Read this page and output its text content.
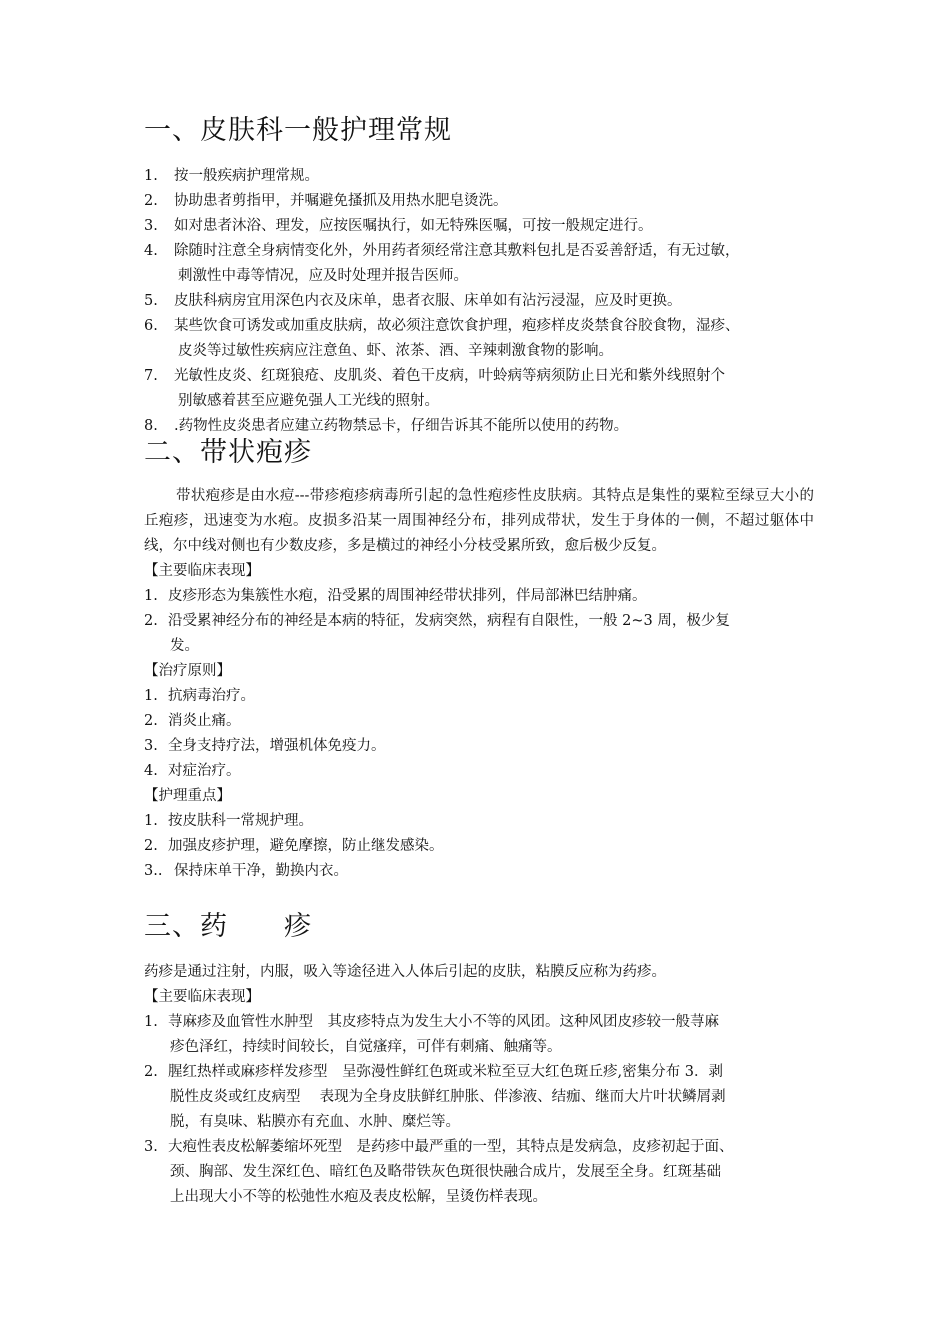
一、皮肤科一般护理常规
1.	按一般疾病护理常规。
2.	协助患者剪指甲，并嘱避免搔抓及用热水肥皂烫洗。
3.	如对患者沐浴、理发，应按医嘱执行，如无特殊医嘱，可按一般规定进行。
4.	除随时注意全身病情变化外，外用药者须经常注意其敷料包扎是否妥善舒适，有无过敏，
刺激性中毒等情况，应及时处理并报告医师。
5.	皮肤科病房宜用深色内衣及床单，患者衣服、床单如有沾污浸湿，应及时更换。
6.	某些饮食可诱发或加重皮肤病，故必须注意饮食护理，疱疹样皮炎禁食谷胶食物，湿疹、
皮炎等过敏性疾病应注意鱼、虾、浓茶、酒、辛辣刺激食物的影响。
7.	光敏性皮炎、红斑狼疮、皮肌炎、着色干皮病，叶蛉病等病须防止日光和紫外线照射个
别敏感着甚至应避免强人工光线的照射。
8.	.药物性皮炎患者应建立药物禁忌卡，仔细告诉其不能所以使用的药物。
二、带状疱疹
带状疱疹是由水痘---带疹疱疹病毒所引起的急性疱疹性皮肤病。其特点是集性的粟粒至绿豆大小的丘疱疹，迅速变为水疱。皮损多沿某一周围神经分布，排列成带状，发生于身体的一侧，不超过躯体中线，尔中线对侧也有少数皮疹，多是横过的神经小分枝受累所致，愈后极少反复。
【主要临床表现】
1. 皮疹形态为集簇性水疱，沿受累的周围神经带状排列，伴局部淋巴结肿痛。
2. 沿受累神经分布的神经是本病的特征，发病突然，病程有自限性，一般 2~3 周，极少复
发。
【治疗原则】
1. 抗病毒治疗。
2. 消炎止痛。
3. 全身支持疗法，增强机体免疫力。
4. 对症治疗。
【护理重点】
1. 按皮肤科一常规护理。
2. 加强皮疹护理，避免摩擦，防止继发感染。
3.. 保持床单干净，勤换内衣。
三、药　　疹
药疹是通过注射，内服，吸入等途径进入人体后引起的皮肤，粘膜反应称为药疹。
【主要临床表现】
1. 荨麻疹及血管性水肿型　其皮疹特点为发生大小不等的风团。这种风团皮疹较一般荨麻
疹色泽红，持续时间较长，自觉瘙痒，可伴有刺痛、触痛等。
2. 腥红热样或麻疹样发疹型　呈弥漫性鲜红色斑或米粒至豆大红色斑丘疹,密集分布 3．剥
脱性皮炎或红皮病型　 表现为全身皮肤鲜红肿胀、伴渗液、结痂、继而大片叶状鳞屑剥
脱，有臭味、粘膜亦有充血、水肿、糜烂等。
3. 大疱性表皮松解萎缩坏死型　是药疹中最严重的一型，其特点是发病急，皮疹初起于面、
颈、胸部、发生深红色、暗红色及略带铁灰色斑很快融合成片，发展至全身。红斑基础
上出现大小不等的松弛性水疱及表皮松解，呈烫伤样表现。
